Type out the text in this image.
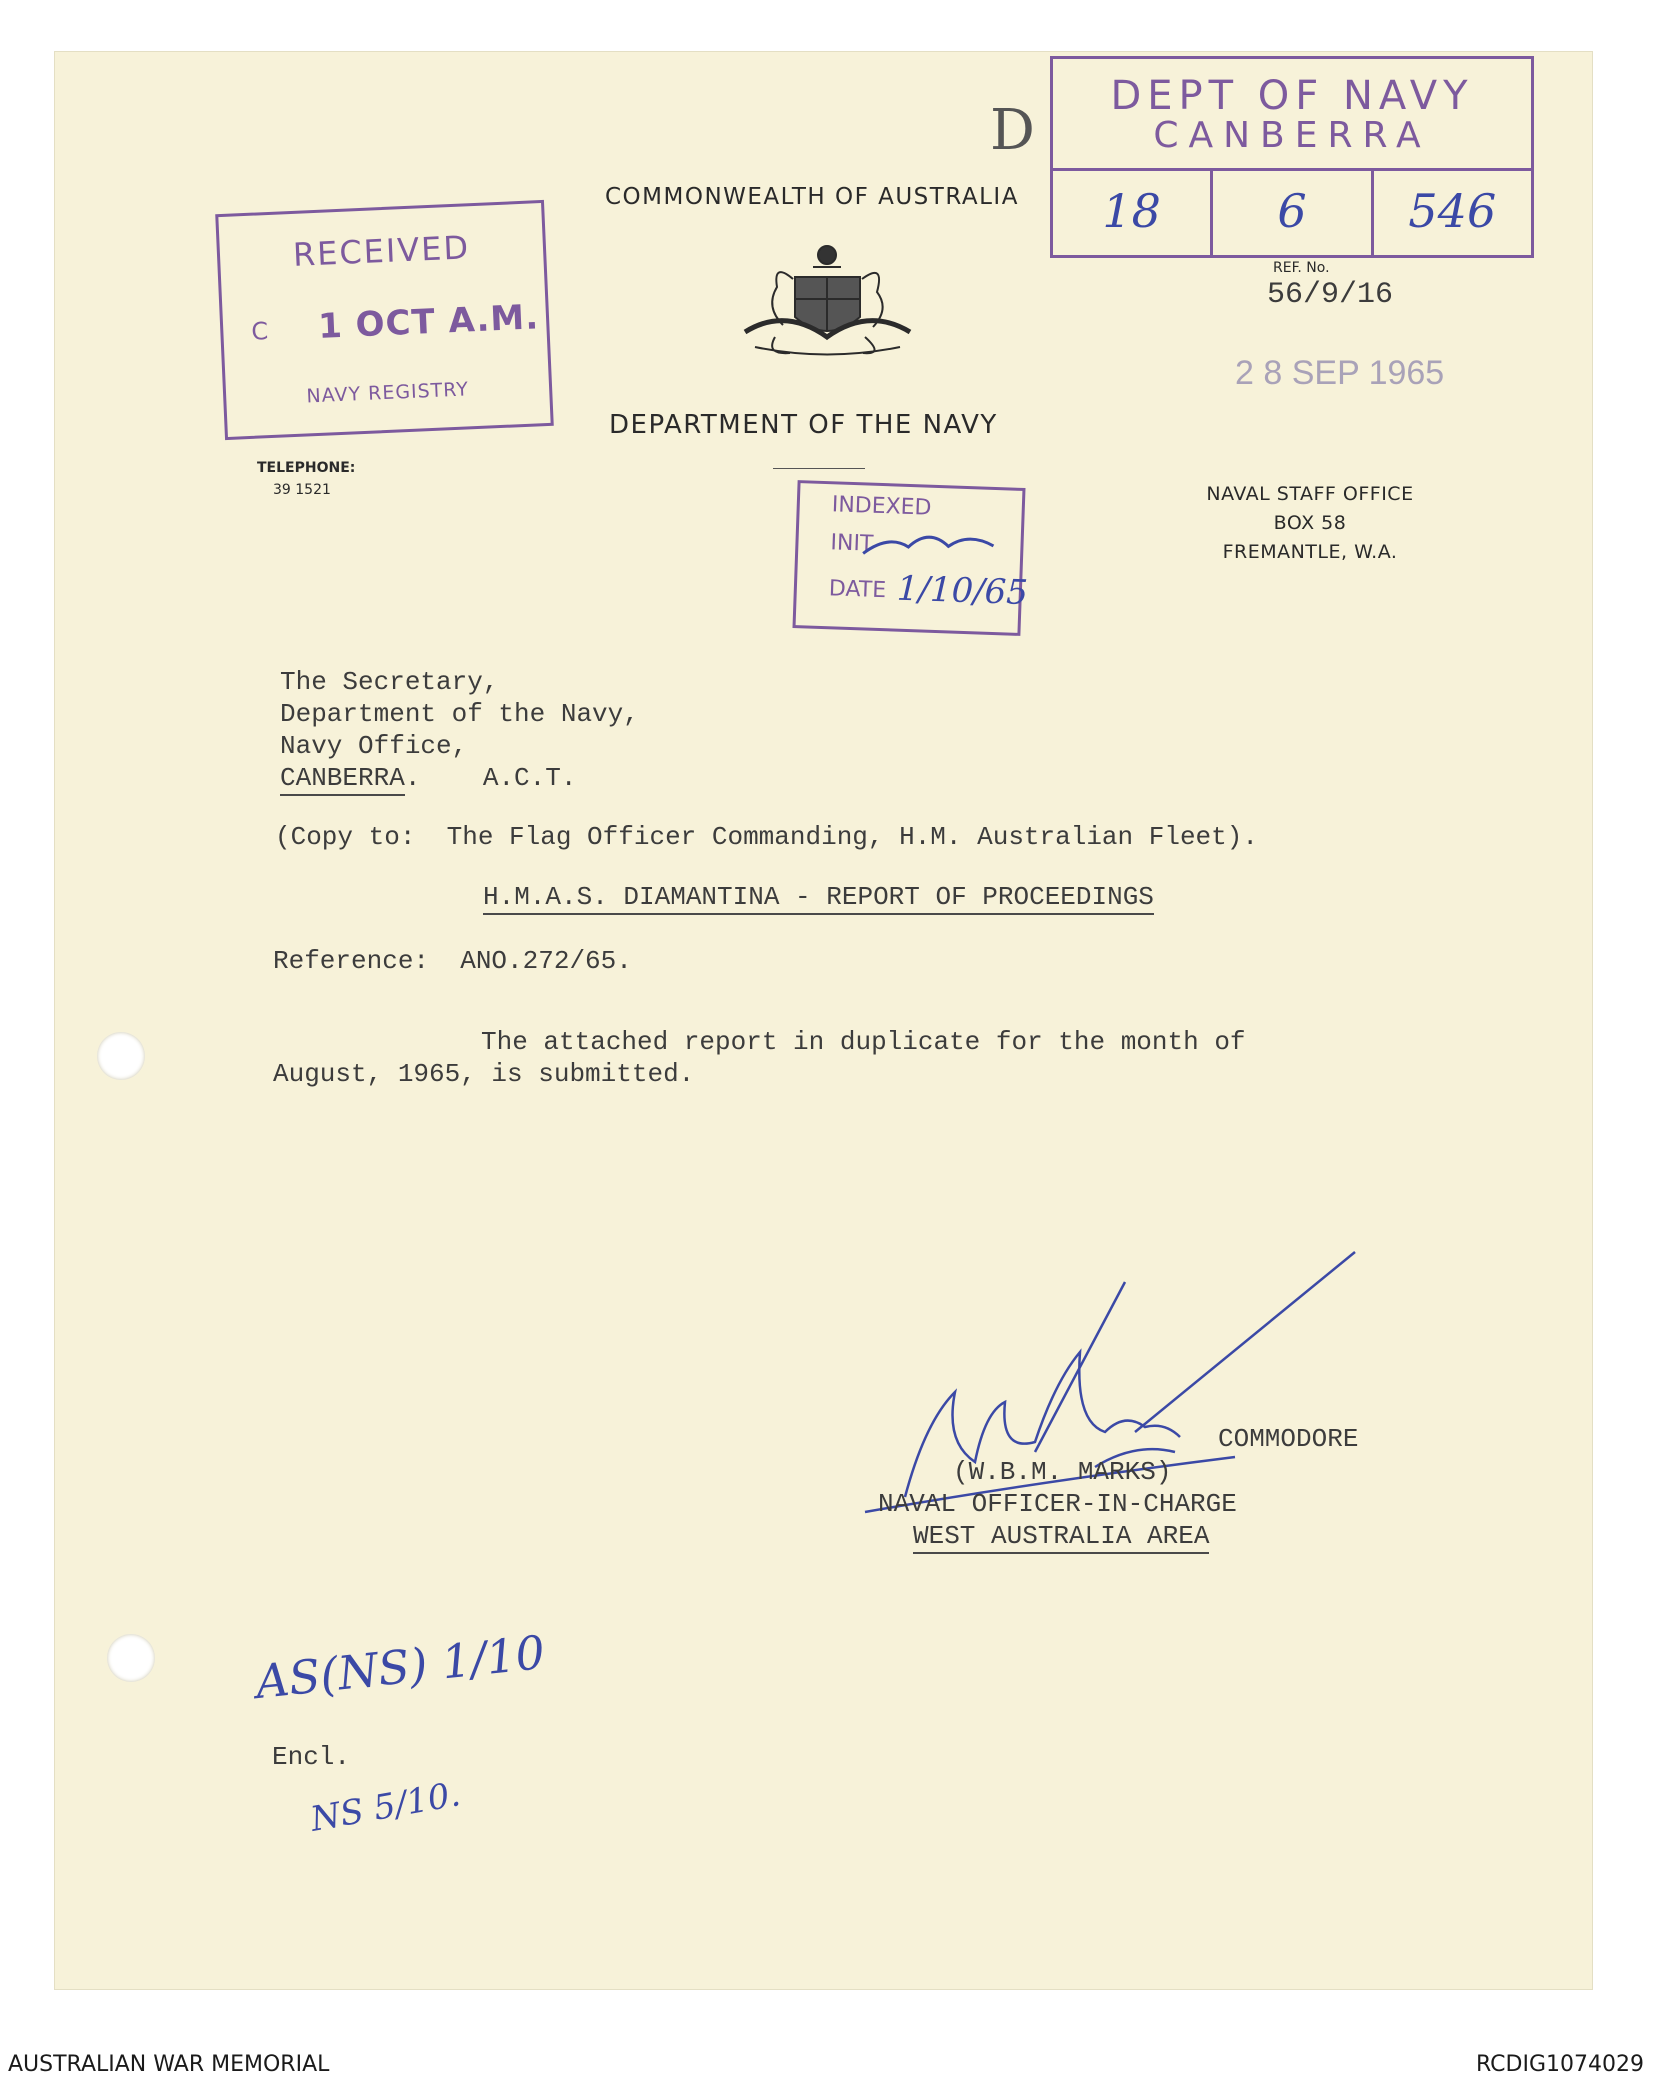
DEPT OF NAVY
CANBERRA
18	6	546
D
COMMONWEALTH OF AUSTRALIA
RECEIVED
C 1 OCT A.M.
NAVY REGISTRY
REF. No.
56/9/16
2 8 SEP 1965
DEPARTMENT OF THE NAVY
TELEPHONE:
39 1521
INDEXED
INIT
DATE 1/10/65
NAVAL STAFF OFFICE
BOX 58
FREMANTLE, W.A.
The Secretary,
Department of the Navy,
Navy Office,
CANBERRA.    A.C.T.
(Copy to:  The Flag Officer Commanding, H.M. Australian Fleet).
H.M.A.S. DIAMANTINA - REPORT OF PROCEEDINGS
Reference:  ANO.272/65.
The attached report in duplicate for the month of
August, 1965, is submitted.
COMMODORE
(W.B.M. MARKS)
NAVAL OFFICER-IN-CHARGE
WEST AUSTRALIA AREA
AS(NS) 1/10
Encl.
NS 5/10.
AUSTRALIAN WAR MEMORIAL	RCDIG1074029
